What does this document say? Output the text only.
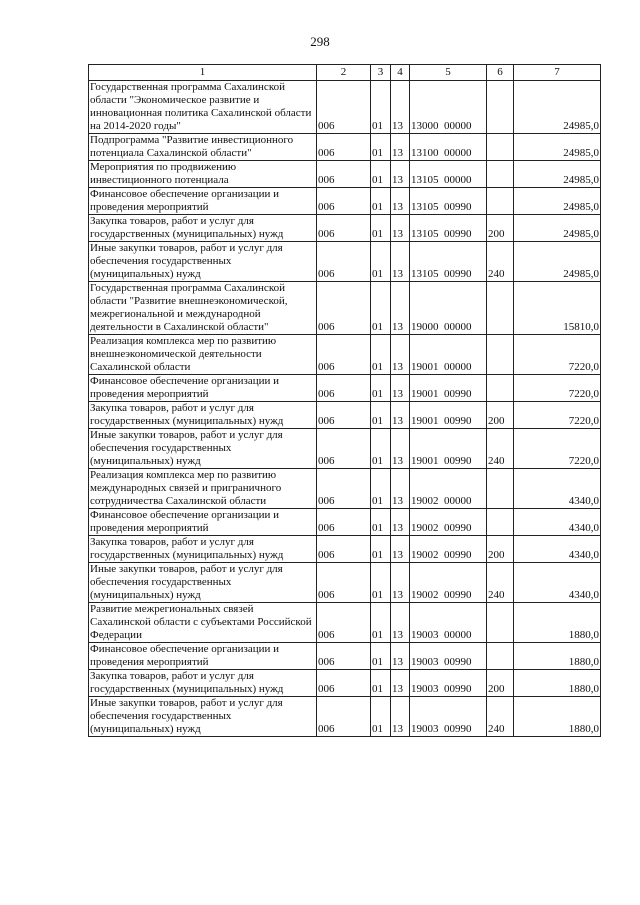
298
1	2	3	4	5	6	7
Государственная программа Сахалинской области "Экономическое развитие и инновационная политика Сахалинской области на 2014-2020 годы"	006	01	13	13000  00000		24985,0
Подпрограмма "Развитие инвестиционного потенциала Сахалинской области"	006	01	13	13100  00000		24985,0
Мероприятия по продвижению инвестиционного потенциала	006	01	13	13105  00000		24985,0
Финансовое обеспечение организации и проведения мероприятий	006	01	13	13105  00990		24985,0
Закупка товаров, работ и услуг для государственных (муниципальных) нужд	006	01	13	13105  00990	200	24985,0
Иные закупки товаров, работ и услуг для обеспечения государственных (муниципальных) нужд	006	01	13	13105  00990	240	24985,0
Государственная программа Сахалинской области "Развитие внешнеэкономической, межрегиональной и международной деятельности в Сахалинской области"	006	01	13	19000  00000		15810,0
Реализация комплекса мер по развитию внешнеэкономической деятельности Сахалинской области	006	01	13	19001  00000		7220,0
Финансовое обеспечение организации и проведения мероприятий	006	01	13	19001  00990		7220,0
Закупка товаров, работ и услуг для государственных (муниципальных) нужд	006	01	13	19001  00990	200	7220,0
Иные закупки товаров, работ и услуг для обеспечения государственных (муниципальных) нужд	006	01	13	19001  00990	240	7220,0
Реализация комплекса мер по развитию международных связей и приграничного сотрудничества Сахалинской области	006	01	13	19002  00000		4340,0
Финансовое обеспечение организации и проведения мероприятий	006	01	13	19002  00990		4340,0
Закупка товаров, работ и услуг для государственных (муниципальных) нужд	006	01	13	19002  00990	200	4340,0
Иные закупки товаров, работ и услуг для обеспечения государственных (муниципальных) нужд	006	01	13	19002  00990	240	4340,0
Развитие межрегиональных связей Сахалинской области с субъектами Российской Федерации	006	01	13	19003  00000		1880,0
Финансовое обеспечение организации и проведения мероприятий	006	01	13	19003  00990		1880,0
Закупка товаров, работ и услуг для государственных (муниципальных) нужд	006	01	13	19003  00990	200	1880,0
Иные закупки товаров, работ и услуг для обеспечения государственных (муниципальных) нужд	006	01	13	19003  00990	240	1880,0
